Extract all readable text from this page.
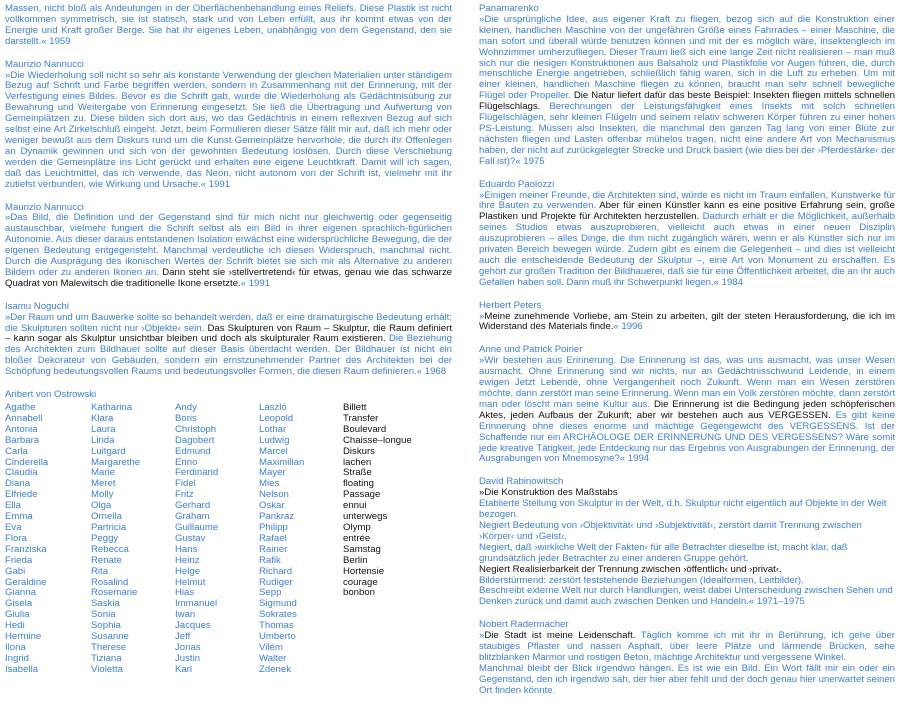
Massen, nicht bloß als Andeutungen in der Oberflächenbehandlung eines Reliefs. Diese Plastik ist nicht vollkommen symmetrisch, sie ist statisch, stark und von Leben erfüllt, aus ihr kommt etwas von der Energie und Kraft großer Berge. Sie hat ihr eigenes Leben, unabhängig von dem Gegenstand, den sie darstellt.« 1959

Maurizio Nannucci

»Die Wiederholung soll nicht so sehr als konstante Verwendung der gleichen Materialien unter ständigem Bezug auf Schrift und Farbe begriffen werden, sondern in Zusammenhang mit der Erinnerung, mit der Verfestigung eines Bildes. Bevor es die Schrift gab, wurde die Wiederholung als Gedächtnisübung zur Bewahrung und Weitergabe von Erinnerung eingesetzt. Sie ließ die Übertragung und Aufwertung von Gemeinplätzen zu. Diese bilden sich dort aus, wo das Gedächtnis in einem reflexiven Bezug auf sich selbst eine Art Zirkelschluß eingeht. Jetzt, beim Formulieren dieser Sätze fällt mir auf, daß ich mehr oder weniger bewußt aus dem Diskurs rund um die Kunst Gemeinplätze hervorhole, die durch ihr Offenlegen an Dynamik gewinnen und sich von der gewohnten Bedeutung loslösen. Durch diese Verschiebung werden die Gemeinplätze ins Licht gerückt und erhalten eine eigene Leuchtkraft. Damit will ich sagen, daß das Leuchtmittel, das ich verwende, das Neon, nicht autonom von der Schrift ist, vielmehr mit ihr zutiefst verbunden, wie Wirkung und Ursache.« 1991

Maurizio Nannucci

»Das Bild, die Definition und der Gegenstand sind für mich nicht nur gleichwertig oder gegenseitig austauschbar, vielmehr fungiert die Schrift selbst als ein Bild in ihrer eigenen sprachlich-figürlichen Autonomie. Aus dieser daraus entstandenen Isolation erwächst eine widersprüchliche Bewegung, die der eigenen Bedeutung entgegensteht. Manchmal verdeutliche ich diesen Widerspruch, manchmal nicht. Durch die Ausprägung des ikonischen Wertes der Schrift bietet sie sich mir als Alternative zu anderen Bildern oder zu anderen Ikonen an. Dann steht sie ›stellvertretend‹ für etwas, genau wie das schwarze Quadrat von Malewitsch die traditionelle Ikone ersetzte.« 1991

Isamu Noguchi

»Der Raum und um Bauwerke sollte so behandelt werden, daß er eine dramaturgische Bedeutung erhält; die Skulpturen sollten nicht nur ›Objekte‹ sein. Das Skulpturen von Raum – Skulptur, die Raum definiert – kann sogar als Skulptur unsichtbar bleiben und doch als skulpturaler Raum existieren. Die Beziehung des Architekten zum Bildhauer sollte auf dieser Basis überdacht werden. Der Bildhauer ist nicht ein bloßer Dekorateur von Gebäuden, sondern ein ernstzunehmender Partner des Architekten bei der Schöpfung bedeutungsvollen Raums und bedeutungsvoller Formen, die diesen Raum definieren.« 1968

Aribert von Ostrowski
Agathe
Annabell
Antonia
Barbara
Carla
Cinderella
Claudia
Diana
Elfriede
Ella
Emma
Eva
Flora
Franziska
Frieda
Gabi
Geraldine
Gianna
Gisela
Giulia
Hedi
Hermine
Ilona
Ingrid
Isabella
Katharina
Klara
Laura
Linda
Luitgard
Margarethe
Marie
Meret
Molly
Olga
Ornella
Partricia
Peggy
Rebecca
Renate
Rita
Rosalind
Rosemarie
Saskia
Sonia
Sophia
Susanne
Therese
Tiziana
Violetta
Andy
Boris
Christoph
Dagobert
Edmund
Enno
Ferdinand
Fidel
Fritz
Gerhard
Graham
Guillaume
Gustav
Hans
Heinz
Helge
Helmut
Hias
Immanuel
Iwan
Jacques
Jeff
Jonas
Justin
Karl
László
Leopold
Lothar
Ludwig
Marcel
Maximilian
Mayer
Mies
Nelson
Oskar
Pankraz
Philipp
Rafael
Rainer
Rafik
Richard
Rudiger
Sepp
Sigmund
Sokrates
Thomas
Umberto
Vilém
Walter
Zdenek
Billett
Transfer
Boulevard
Chaisse–longue
Diskurs
lachen
Straße
floating
Passage
ennui
unterwegs
Olymp
entrée
Samstag
Berlin
Hortensie
courage
bonbon
Panamarenko

»Die ursprüngliche Idee, aus eigener Kraft zu fliegen, bezog sich auf die Konstruktion einer kleinen, handlichen Maschine von der ungefähren Größe eines Fahrrades – einer Maschine, die man sofort und überall würde benutzen können und mit der es möglich wäre, insektengleich im Wohnzimmer umherzufliegen. Dieser Traum ließ sich eine lange Zeit nicht realisieren – man muß sich nur die riesigen Konstruktionen aus Balsaholz und Plastikfolie vor Augen führen, die, durch menschliche Energie angetrieben, schließlich fähig waren, sich in die Luft zu erheben. Um mit einer kleinen, handlichen Maschine fliegen zu können, braucht man sehr schnell bewegliche Flügel oder Propeller. Die Natur liefert dafür das beste Beispiel: Insekten fliegen mittels schnellen Flügelschlags. Berechnungen der Leistungsfähigkeit eines Insekts mit solch schnellen Flügelschlägen, sehr kleinen Flügeln und seinem relativ schweren Körper führen zu einer hohen PS-Leistung. Müssen also Insekten, die manchmal den ganzen Tag lang von einer Blüte zur nächsten fliegen und Lasten offenbar mühelos tragen, nicht eine andere Art von Mechanismus haben, der nicht auf zurückgelegter Strecke und Druck basiert (wie dies bei der ›Pferdestärke‹ der Fall ist)?« 1975

Eduardo Paolozzi

»Einigen meiner Freunde, die Architekten sind, würde es nicht im Traum einfallen, Kunstwerke für ihre Bauten zu verwenden. Aber für einen Künstler kann es eine positive Erfahrung sein, große Plastiken und Projekte für Architekten herzustellen. Dadurch erhält er die Möglichkeit, außerhalb seines Studios etwas auszuprobieren, vielleicht auch etwas in einer neuen Disziplin auszuprobieren – alles Dinge, die ihm nicht zugänglich wären, wenn er als Künstler sich nur im privaten Bereich bewegen würde. Zudem gibt es einem die Gelegenheit – und dies ist vielleicht auch die entscheidende Bedeutung der Skulptur –, eine Art von Monument zu erschaffen. Es gehört zur großen Tradition der Bildhauerei, daß sie für eine Öffentlichkeit arbeitet, die an ihr auch Gefallen haben soll. Darin muß ihr Schwerpunkt liegen.« 1984

Herbert Peters

»Meine zunehmende Vorliebe, am Stein zu arbeiten, gilt der steten Herausforderung, die ich im Widerstand des Materials finde.« 1996

Anne und Patrick Poirier

»Wir bestehen aus Erinnerung. Die Erinnerung ist das, was uns ausmacht, was unser Wesen ausmacht. Ohne Erinnerung sind wir nichts, nur an Gedächtnisschwund Leidende, in einem ewigen Jetzt Lebende, ohne Vergangenheit noch Zukunft. Wenn man ein Wesen zerstören möchte, dann zerstört man seine Erinnerung. Wenn man ein Volk zerstören möchte, dann zerstört man oder löscht man seine Kultur aus. Die Erinnerung ist die Bedingung jeden schöpferischen Aktes, jeden Aufbaus der Zukunft; aber wir bestehen auch aus VERGESSEN. Es gibt keine Erinnerung ohne dieses enorme und mächtige Gegengewicht des VERGESSENS. Ist der Schaffende nur ein ARCHÄOLOGE DER ERINNERUNG UND DES VERGESSENS? Wäre somit jede kreative Tätigkeit, jede Entdeckung nur das Ergebnis von Ausgrabungen der Erinnerung, der Ausgrabungen von Mnemosyne?« 1994

David Rabinowitsch
»Die Konstruktion des Maßstabs
Etablierte Stellung von Skulptur in der Welt, d.h. Skulptur nicht eigentlich auf Objekte in der Welt bezogen.
Negiert Bedeutung von ›Objektivität‹ und ›Subjektivität‹, zerstört damit Trennung zwischen ›Körper‹ und ›Geist‹.
Negiert, daß ›wirkliche Welt der Fakten‹ für alle Betrachter dieselbe ist, macht klar, daß grundsätzlich jeder Betrachter zu einer anderen Gruppe gehört.
Negiert Realisierbarkeit der Trennung zwischen ›öffentlich‹ und ›privat‹.
Bilderstürmend: zerstört feststehende Beziehungen (Idealformen, Leitbilder).
Beschreibt externe Welt nur durch Handlungen, weist dabei Unterscheidung zwischen Sehen und Denken zurück und damit auch zwischen Denken und Handeln.« 1971–1975
Nobert Radermacher

»Die Stadt ist meine Leidenschaft. Täglich komme ich mit ihr in Berührung, ich gehe über staubiges Pflaster und nassen Asphalt, über leere Plätze und lärmende Brücken, sehe blitzblanken Marmor und rostigen Beton, mächtige Architektur und vergessene Winkel.

Manchmal bleibt der Blick irgendwo hängen. Es ist wie ein Bild. Ein Wort fällt mir ein oder ein Gegenstand, den ich irgendwo sah, der hier aber fehlt und der doch genau hier unerwartet seinen Ort finden könnte.
